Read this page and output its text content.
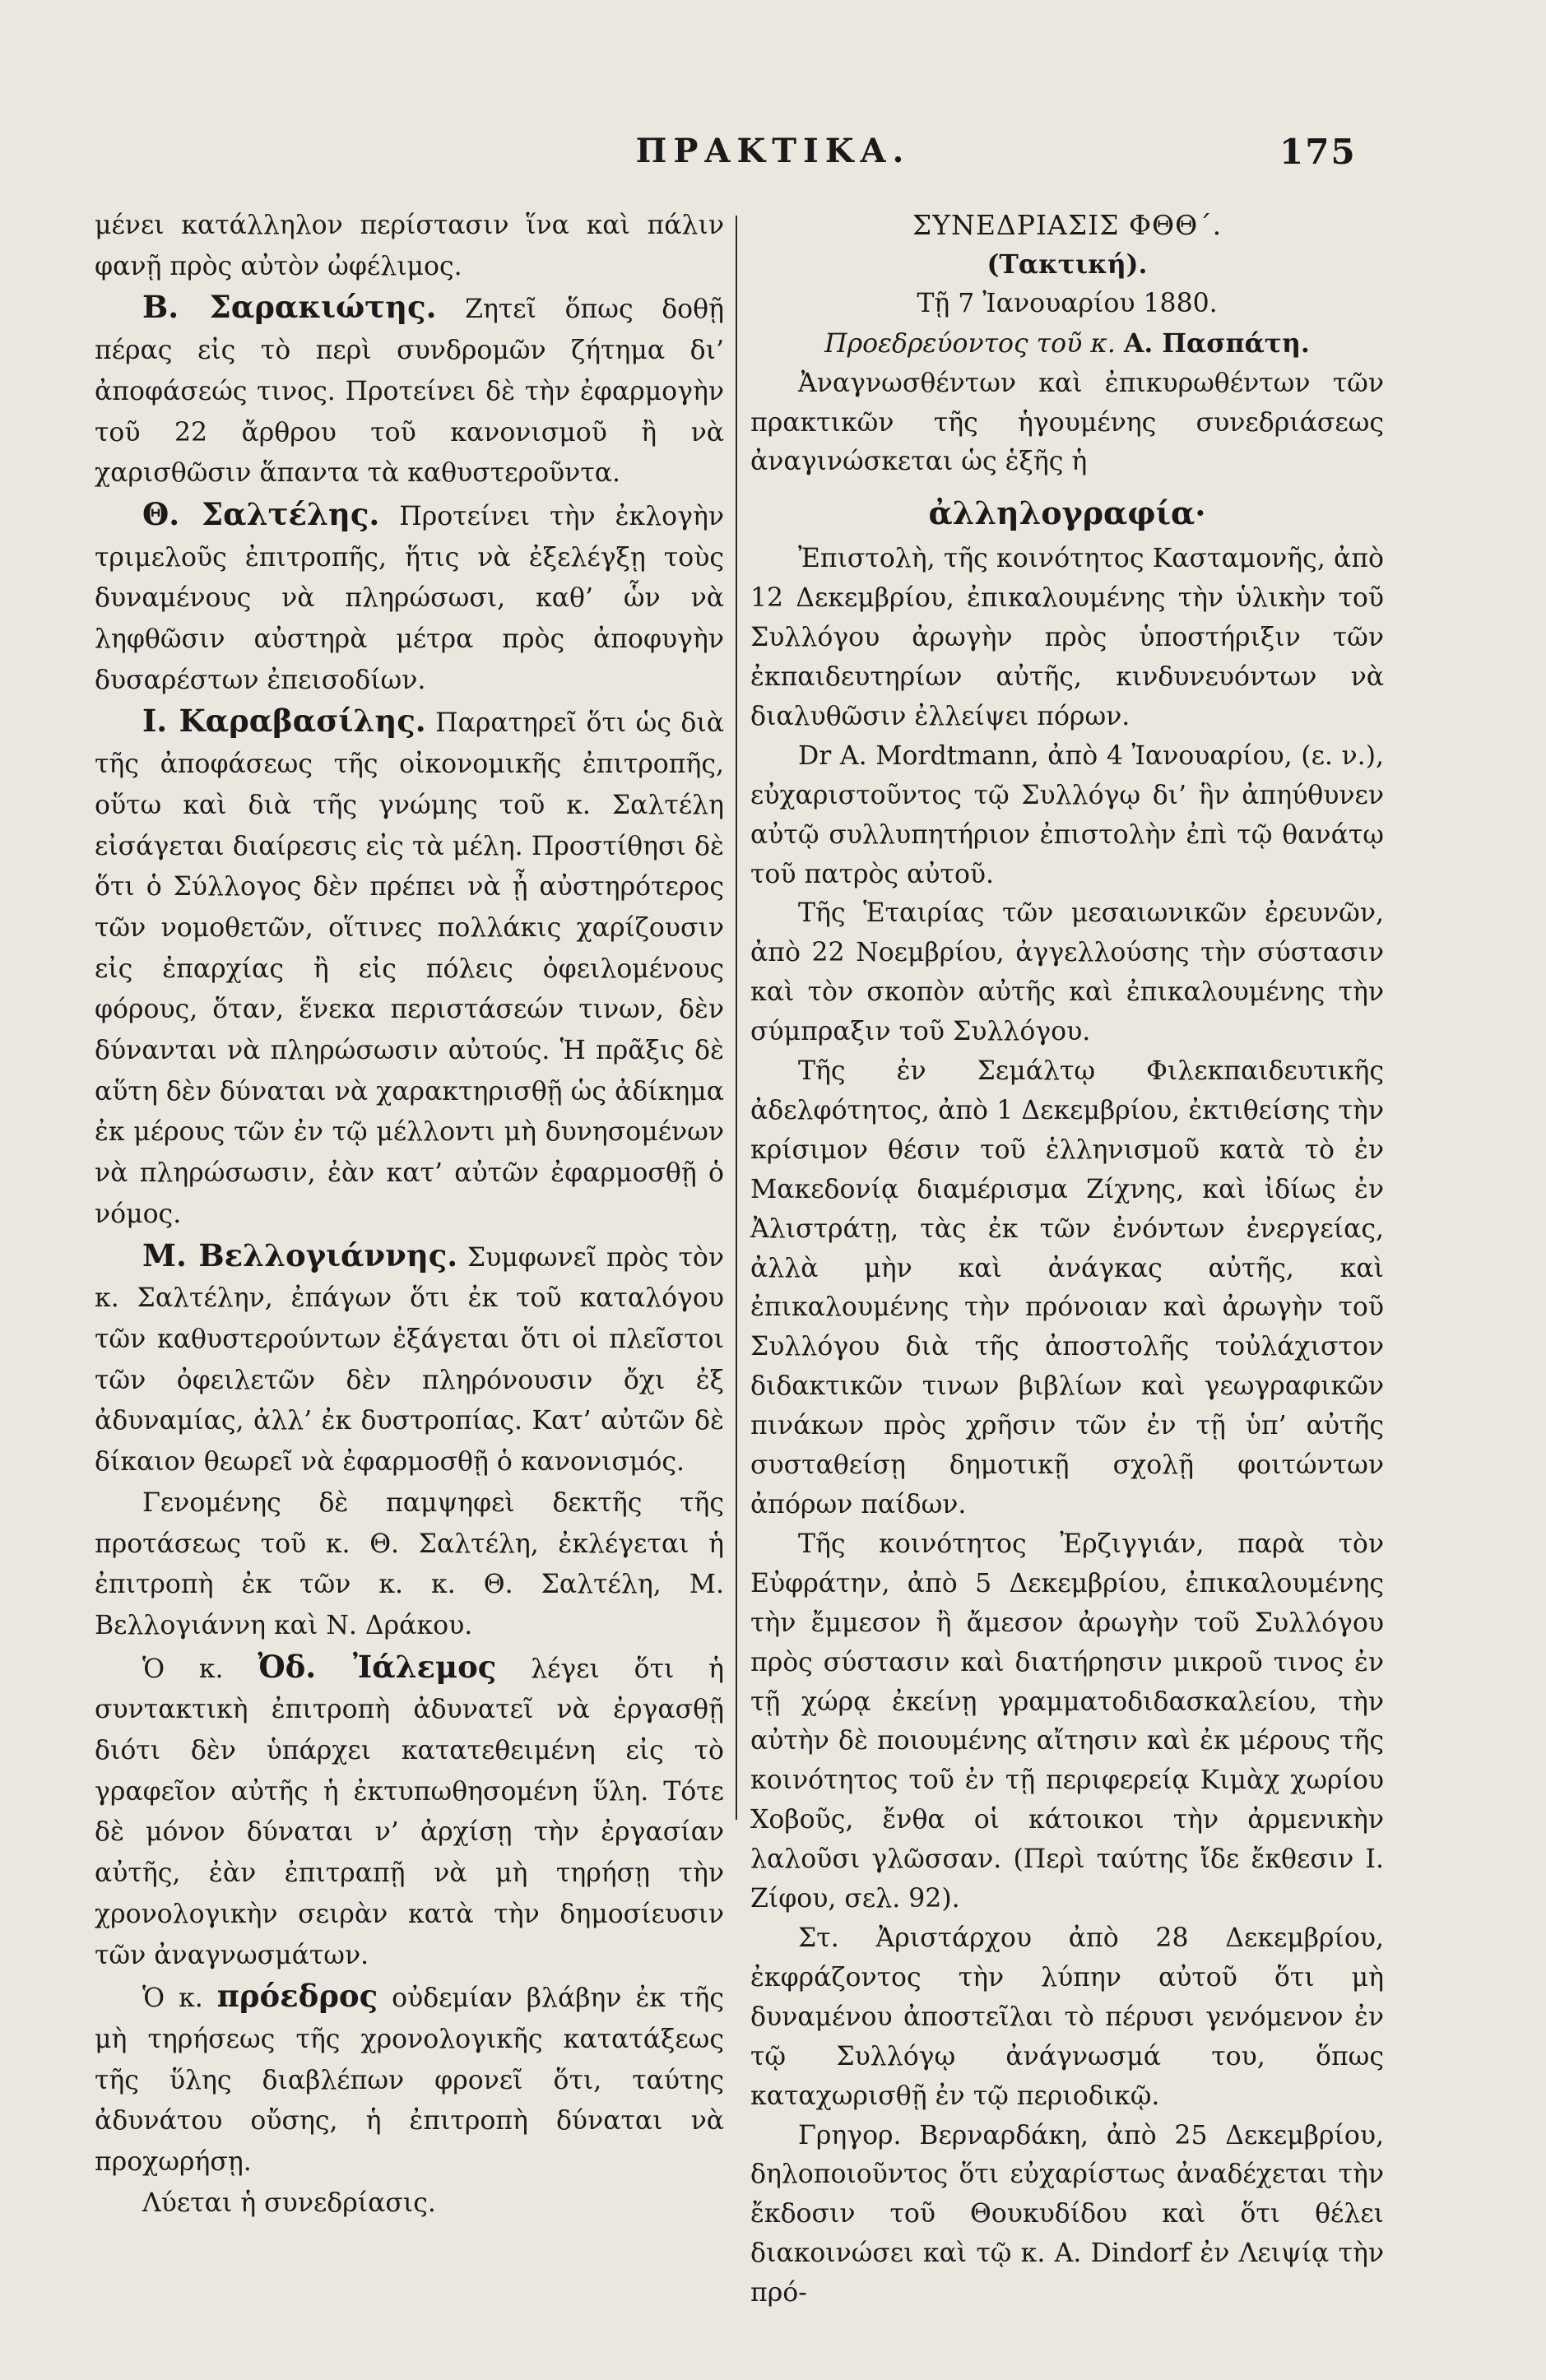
ΠΡΑΚΤΙΚΑ.	175

μένει κατάλληλον περίστασιν ἵνα καὶ πάλιν φανῇ πρὸς αὐτὸν ὠφέλιμος.

Β. Σαρακιώτης. Ζητεῖ ὅπως δοθῇ πέρας εἰς τὸ περὶ συνδρομῶν ζήτημα δι’ ἀποφάσεώς τινος. Προτείνει δὲ τὴν ἐφαρμογὴν τοῦ 22 ἄρθρου τοῦ κανονισμοῦ ἢ νὰ χαρισθῶσιν ἅπαντα τὰ καθυστεροῦντα.

Θ. Σαλτέλης. Προτείνει τὴν ἐκλογὴν τριμελοῦς ἐπιτροπῆς, ἥτις νὰ ἐξελέγξῃ τοὺς δυναμένους νὰ πληρώσωσι, καθ’ ὧν νὰ ληφθῶσιν αὐστηρὰ μέτρα πρὸς ἀποφυγὴν δυσαρέστων ἐπεισοδίων.

Ι. Καραβασίλης. Παρατηρεῖ ὅτι ὡς διὰ τῆς ἀποφάσεως τῆς οἰκονομικῆς ἐπιτροπῆς, οὕτω καὶ διὰ τῆς γνώμης τοῦ κ. Σαλτέλη εἰσάγεται διαίρεσις εἰς τὰ μέλη. Προστίθησι δὲ ὅτι ὁ Σύλλογος δὲν πρέπει νὰ ᾖ αὐστηρότερος τῶν νομοθετῶν, οἵτινες πολλάκις χαρίζουσιν εἰς ἐπαρχίας ἢ εἰς πόλεις ὀφειλομένους φόρους, ὅταν, ἕνεκα περιστάσεών τινων, δὲν δύνανται νὰ πληρώσωσιν αὐτούς. Ἡ πρᾶξις δὲ αὕτη δὲν δύναται νὰ χαρακτηρισθῇ ὡς ἀδίκημα ἐκ μέρους τῶν ἐν τῷ μέλλοντι μὴ δυνησομένων νὰ πληρώσωσιν, ἐὰν κατ’ αὐτῶν ἐφαρμοσθῇ ὁ νόμος.

Μ. Βελλογιάννης. Συμφωνεῖ πρὸς τὸν κ. Σαλτέλην, ἐπάγων ὅτι ἐκ τοῦ καταλόγου τῶν καθυστερούντων ἐξάγεται ὅτι οἱ πλεῖστοι τῶν ὀφειλετῶν δὲν πληρόνουσιν ὄχι ἐξ ἀδυναμίας, ἀλλ’ ἐκ δυστροπίας. Κατ’ αὐτῶν δὲ δίκαιον θεωρεῖ νὰ ἐφαρμοσθῇ ὁ κανονισμός.

Γενομένης δὲ παμψηφεὶ δεκτῆς τῆς προτάσεως τοῦ κ. Θ. Σαλτέλη, ἐκλέγεται ἡ ἐπιτροπὴ ἐκ τῶν κ. κ. Θ. Σαλτέλη, Μ. Βελλογιάννη καὶ Ν. Δράκου.

Ὁ κ. Ὀδ. Ἰάλεμος λέγει ὅτι ἡ συντακτικὴ ἐπιτροπὴ ἀδυνατεῖ νὰ ἐργασθῇ διότι δὲν ὑπάρχει κατατεθειμένη εἰς τὸ γραφεῖον αὐτῆς ἡ ἐκτυπωθησομένη ὕλη. Τότε δὲ μόνον δύναται ν’ ἀρχίσῃ τὴν ἐργασίαν αὐτῆς, ἐὰν ἐπιτραπῇ νὰ μὴ τηρήσῃ τὴν χρονολογικὴν σειρὰν κατὰ τὴν δημοσίευσιν τῶν ἀναγνωσμάτων.

Ὁ κ. πρόεδρος οὐδεμίαν βλάβην ἐκ τῆς μὴ τηρήσεως τῆς χρονολογικῆς κατατάξεως τῆς ὕλης διαβλέπων φρονεῖ ὅτι, ταύτης ἀδυνάτου οὔσης, ἡ ἐπιτροπὴ δύναται νὰ προχωρήσῃ.

Λύεται ἡ συνεδρίασις.

ΣΥΝΕΔΡΙΑΣΙΣ ΦΘΘ΄.

(Τακτική).

Τῇ 7 Ἰανουαρίου 1880.

Προεδρεύοντος τοῦ κ. Α. Πασπάτη.

Ἀναγνωσθέντων καὶ ἐπικυρωθέντων τῶν πρακτικῶν τῆς ἡγουμένης συνεδριάσεως ἀναγινώσκεται ὡς ἑξῆς ἡ

ἀλληλογραφία·

Ἐπιστολὴ, τῆς κοινότητος Κασταμονῆς, ἀπὸ 12 Δεκεμβρίου, ἐπικαλουμένης τὴν ὑλικὴν τοῦ Συλλόγου ἀρωγὴν πρὸς ὑποστήριξιν τῶν ἐκπαιδευτηρίων αὐτῆς, κινδυνευόντων νὰ διαλυθῶσιν ἐλλείψει πόρων.

Dr A. Mordtmann, ἀπὸ 4 Ἰανουαρίου, (ε. ν.), εὐχαριστοῦντος τῷ Συλλόγῳ δι’ ἣν ἀπηύθυνεν αὐτῷ συλλυπητήριον ἐπιστολὴν ἐπὶ τῷ θανάτῳ τοῦ πατρὸς αὐτοῦ.

Τῆς Ἑταιρίας τῶν μεσαιωνικῶν ἐρευνῶν, ἀπὸ 22 Νοεμβρίου, ἀγγελλούσης τὴν σύστασιν καὶ τὸν σκοπὸν αὐτῆς καὶ ἐπικαλουμένης τὴν σύμπραξιν τοῦ Συλλόγου.

Τῆς ἐν Σεμάλτῳ Φιλεκπαιδευτικῆς ἀδελφότητος, ἀπὸ 1 Δεκεμβρίου, ἐκτιθείσης τὴν κρίσιμον θέσιν τοῦ ἑλληνισμοῦ κατὰ τὸ ἐν Μακεδονίᾳ διαμέρισμα Ζίχνης, καὶ ἰδίως ἐν Ἀλιστράτῃ, τὰς ἐκ τῶν ἐνόντων ἐνεργείας, ἀλλὰ μὴν καὶ ἀνάγκας αὐτῆς, καὶ ἐπικαλουμένης τὴν πρόνοιαν καὶ ἀρωγὴν τοῦ Συλλόγου διὰ τῆς ἀποστολῆς τοὐλάχιστον διδακτικῶν τινων βιβλίων καὶ γεωγραφικῶν πινάκων πρὸς χρῆσιν τῶν ἐν τῇ ὑπ’ αὐτῆς συσταθείσῃ δημοτικῇ σχολῇ φοιτώντων ἀπόρων παίδων.

Τῆς κοινότητος Ἐρζιγγιάν, παρὰ τὸν Εὐφράτην, ἀπὸ 5 Δεκεμβρίου, ἐπικαλουμένης τὴν ἔμμεσον ἢ ἄμεσον ἀρωγὴν τοῦ Συλλόγου πρὸς σύστασιν καὶ διατήρησιν μικροῦ τινος ἐν τῇ χώρᾳ ἐκείνῃ γραμματοδιδασκαλείου, τὴν αὐτὴν δὲ ποιουμένης αἴτησιν καὶ ἐκ μέρους τῆς κοινότητος τοῦ ἐν τῇ περιφερείᾳ Κιμὰχ χωρίου Χοβοῦς, ἔνθα οἱ κάτοικοι τὴν ἀρμενικὴν λαλοῦσι γλῶσσαν. (Περὶ ταύτης ἴδε ἔκθεσιν Ι. Ζίφου, σελ. 92).

Στ. Ἀριστάρχου ἀπὸ 28 Δεκεμβρίου, ἐκφράζοντος τὴν λύπην αὐτοῦ ὅτι μὴ δυναμένου ἀποστεῖλαι τὸ πέρυσι γενόμενον ἐν τῷ Συλλόγῳ ἀνάγνωσμά του, ὅπως καταχωρισθῇ ἐν τῷ περιοδικῷ.

Γρηγορ. Βερναρδάκη, ἀπὸ 25 Δεκεμβρίου, δηλοποιοῦντος ὅτι εὐχαρίστως ἀναδέχεται τὴν ἔκδοσιν τοῦ Θουκυδίδου καὶ ὅτι θέλει διακοινώσει καὶ τῷ κ. A. Dindorf ἐν Λειψίᾳ τὴν πρό-
